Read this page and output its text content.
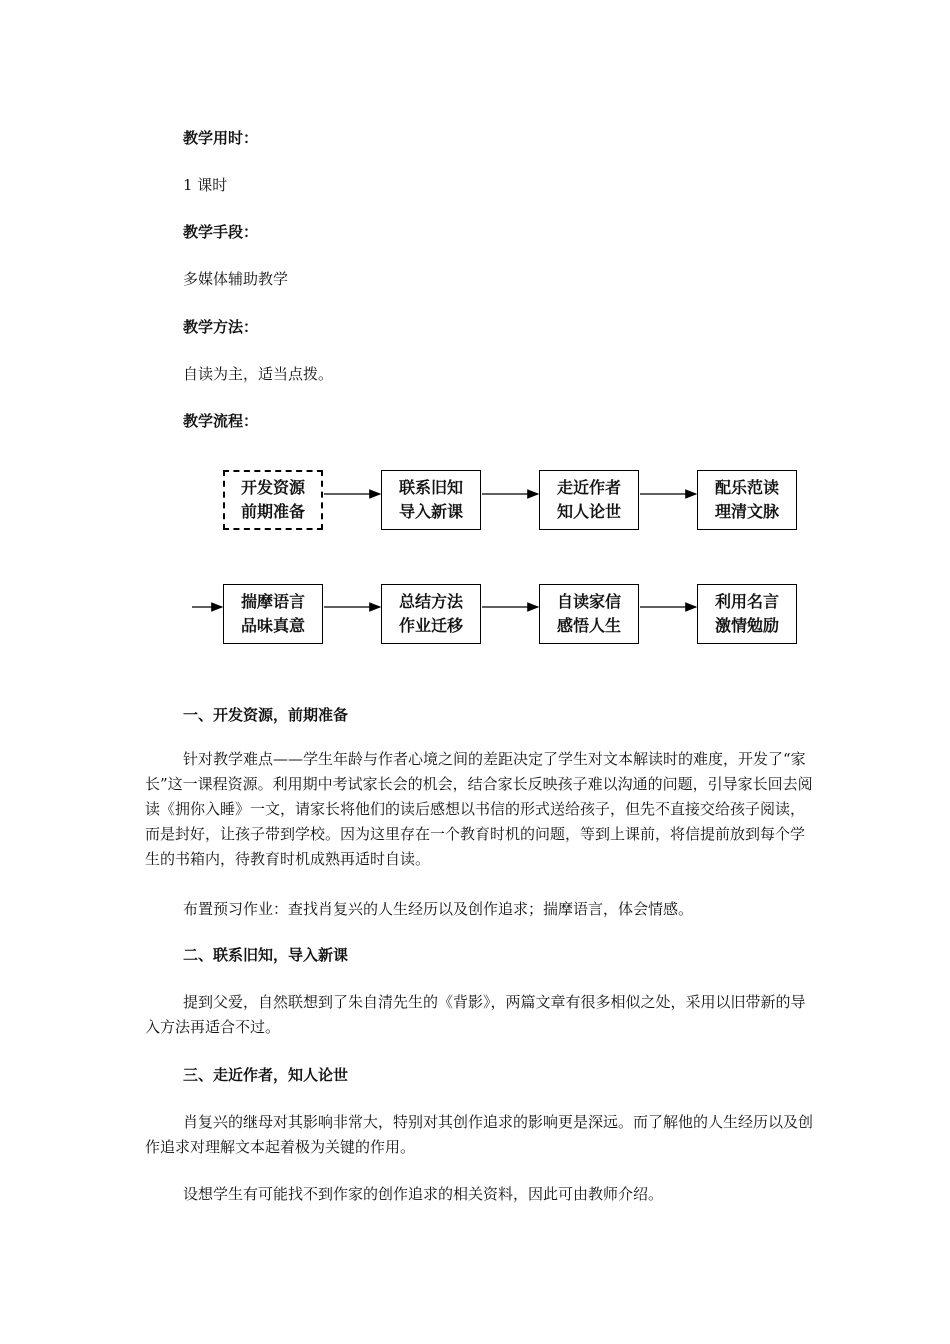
教学用时：
1 课时
教学手段：
多媒体辅助教学
教学方法：
自读为主，适当点拨。
教学流程：
开发资源
前期准备
联系旧知
导入新课
走近作者
知人论世
配乐范读
理清文脉
揣摩语言
品味真意
总结方法
作业迁移
自读家信
感悟人生
利用名言
激情勉励
一、开发资源，前期准备

针对教学难点——学生年龄与作者心境之间的差距决定了学生对文本解读时的难度，开发了“家长”这一课程资源。利用期中考试家长会的机会，结合家长反映孩子难以沟通的问题，引导家长回去阅读《拥你入睡》一文，请家长将他们的读后感想以书信的形式送给孩子，但先不直接交给孩子阅读，而是封好，让孩子带到学校。因为这里存在一个教育时机的问题，等到上课前，将信提前放到每个学生的书箱内，待教育时机成熟再适时自读。

布置预习作业：查找肖复兴的人生经历以及创作追求；揣摩语言，体会情感。

二、联系旧知，导入新课

提到父爱，自然联想到了朱自清先生的《背影》，两篇文章有很多相似之处，采用以旧带新的导入方法再适合不过。

三、走近作者，知人论世

肖复兴的继母对其影响非常大，特别对其创作追求的影响更是深远。而了解他的人生经历以及创作追求对理解文本起着极为关键的作用。

设想学生有可能找不到作家的创作追求的相关资料，因此可由教师介绍。
